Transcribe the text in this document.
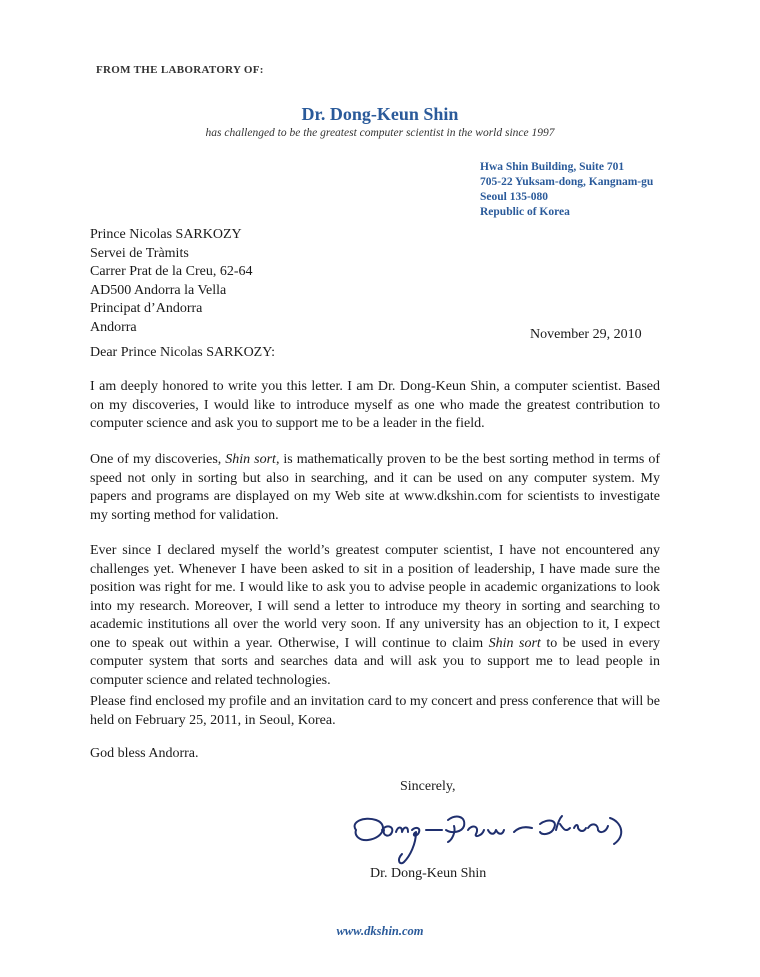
FROM THE LABORATORY OF:
Dr. Dong-Keun Shin
has challenged to be the greatest computer scientist in the world since 1997
Hwa Shin Building, Suite 701
705-22 Yuksam-dong, Kangnam-gu
Seoul 135-080
Republic of Korea
Prince Nicolas SARKOZY
Servei de Tràmits
Carrer Prat de la Creu, 62-64
AD500 Andorra la Vella
Principat d’Andorra
Andorra	November 29, 2010
Dear Prince Nicolas SARKOZY:
I am deeply honored to write you this letter. I am Dr. Dong-Keun Shin, a computer scientist. Based on my discoveries, I would like to introduce myself as one who made the greatest contribution to computer science and ask you to support me to be a leader in the field.
One of my discoveries, Shin sort, is mathematically proven to be the best sorting method in terms of speed not only in sorting but also in searching, and it can be used on any computer system. My papers and programs are displayed on my Web site at www.dkshin.com for scientists to investigate my sorting method for validation.
Ever since I declared myself the world’s greatest computer scientist, I have not encountered any challenges yet. Whenever I have been asked to sit in a position of leadership, I have made sure the position was right for me. I would like to ask you to advise people in academic organizations to look into my research. Moreover, I will send a letter to introduce my theory in sorting and searching to academic institutions all over the world very soon. If any university has an objection to it, I expect one to speak out within a year. Otherwise, I will continue to claim Shin sort to be used in every computer system that sorts and searches data and will ask you to support me to lead people in computer science and related technologies.
Please find enclosed my profile and an invitation card to my concert and press conference that will be held on February 25, 2011, in Seoul, Korea.
God bless Andorra.
Sincerely,
Dr. Dong-Keun Shin
www.dkshin.com
